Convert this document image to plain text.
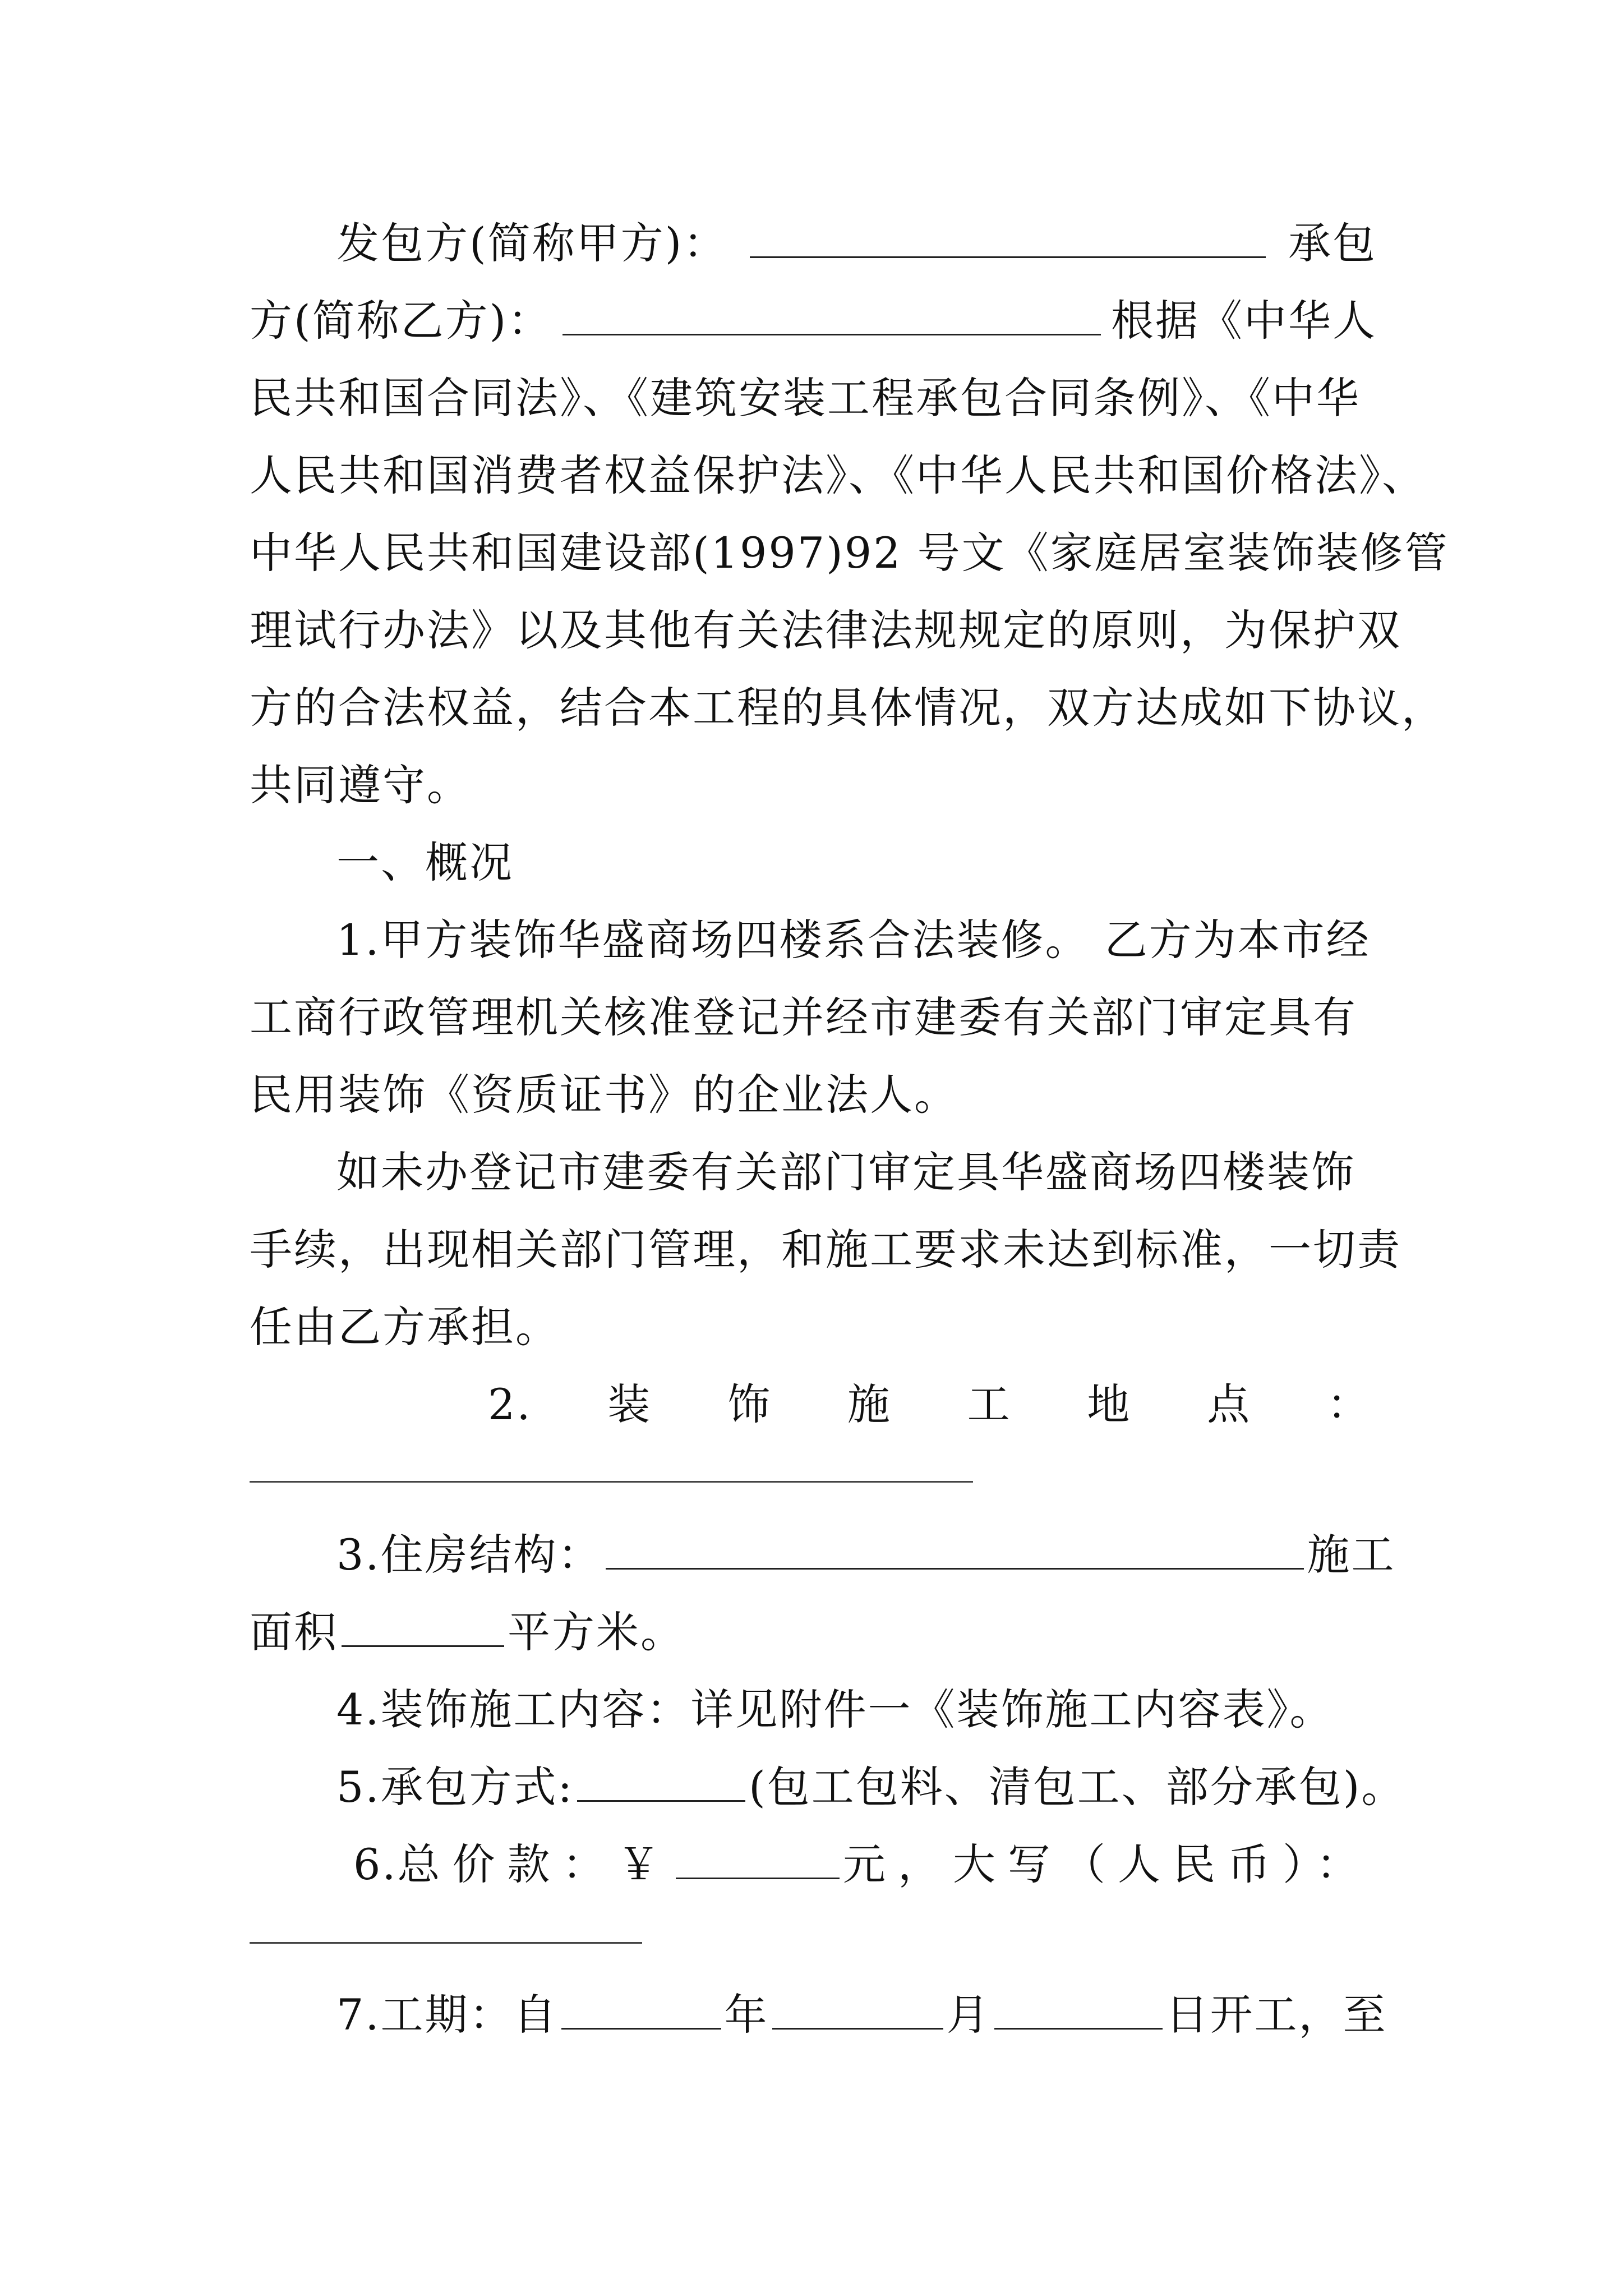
发包方(简称甲方)：	承包
方(简称乙方)：	根据《中华人
民共和国合同法》、《建筑安装工程承包合同条例》、《中华
人民共和国消费者权益保护法》、《中华人民共和国价格法》、
中华人民共和国建设部(1997)92 号文《家庭居室装饰装修管
理试行办法》以及其他有关法律法规规定的原则，为保护双
方的合法权益，结合本工程的具体情况，双方达成如下协议，
共同遵守。
一、概况
1.甲方装饰华盛商场四楼系合法装修。 乙方为本市经
工商行政管理机关核准登记并经市建委有关部门审定具有
民用装饰《资质证书》的企业法人。
如未办登记市建委有关部门审定具华盛商场四楼装饰
手续，出现相关部门管理，和施工要求未达到标准，一切责
任由乙方承担。
2. 装 饰 施 工 地 点 ：
3.住房结构：	施工
面积	平方米。
4.装饰施工内容：详见附件一《装饰施工内容表》。
5.承包方式:	(包工包料、清包工、部分承包)。
6. 总价款：￥	元， 大写（人民币）：
7.工期：自	年	月	日开工，至
